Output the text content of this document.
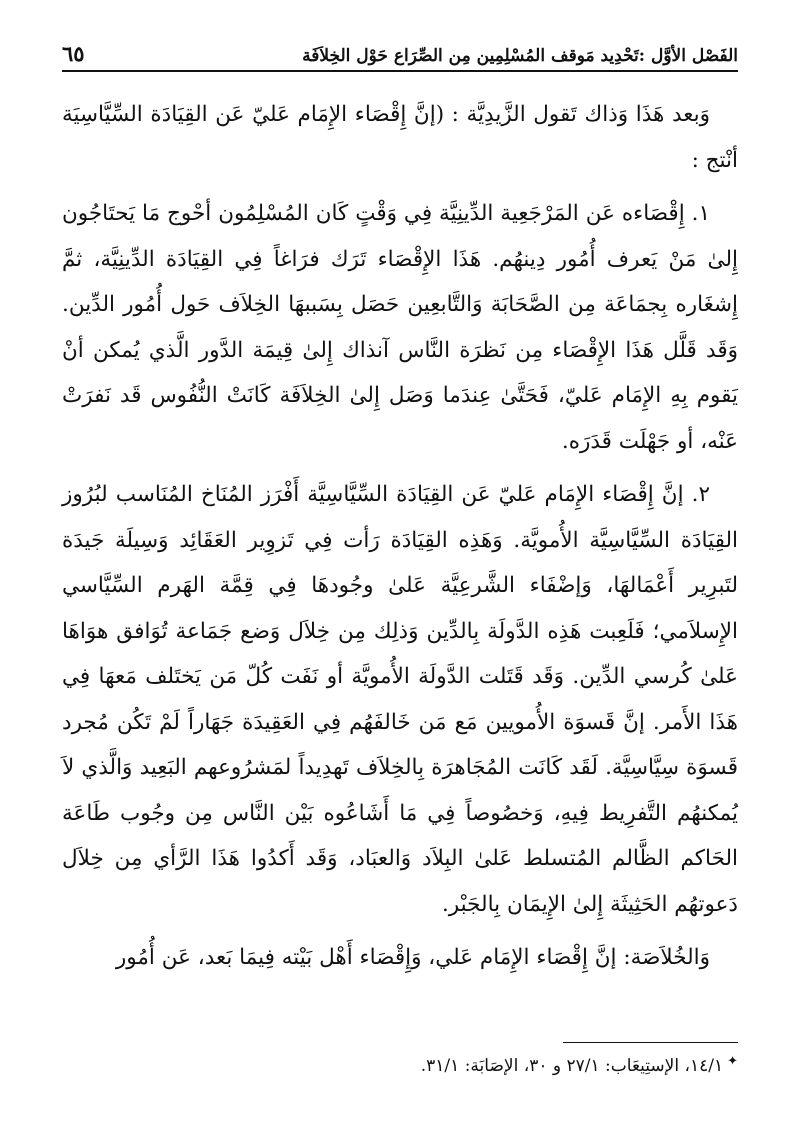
الفَصْل الأوَّل :تَحْدِيد مَوقف المُسْلِمِين مِن الصِّرَاع حَوْل الخِلاَفَة
٦٥

وَبعد هَذَا وَذاك تَقول الزَّيدِيَّة : (إنَّ إِقْصَاء الإِمَام عَليّ عَن القِيَادَة السِّيَّاسِيَة أنْتج :

١. إِقْصَاءه عَن المَرْجَعِية الدِّينِيَّة فِي وَقْتٍ كَان المُسْلِمُون أحْوج مَا يَحتَاجُون إِلىٰ مَنْ يَعرف أُمُور دِينهُم. هَذَا الإِقْصَاء تَرَك فرَاغاً فِي القِيَادَة الدِّينِيَّة، ثمَّ إِشغَاره بِجمَاعَة مِن الصَّحَابَة وَالتَّابعِين حَصَل بِسَببهَا الخِلاَف حَول أُمُور الدِّين. وَقَد قَلَّل هَذَا الإِقْصَاء مِن نَظرَة النَّاس آنذاك إِلىٰ قِيمَة الدَّور الَّذي يُمكن أنْ يَقوم بِهِ الإِمَام عَليّ، فَحَتَّىٰ عِندَما وَصَل إِلىٰ الخِلاَفَة كَانَتْ النُّفُوس قَد نَفرَتْ عَنْه، أو جَهْلَت قَدَرَه.

٢. إنَّ إِقْصَاء الإِمَام عَليّ عَن القِيَادَة السِّيَّاسِيَّة أَفْرَز المُنَاخ المُنَاسب لبُرُوز القِيَادَة السِّيَّاسِيَّة الأُمويَّة. وَهَذِه القِيَادَة رَأت فِي تَزوِير العَقَائِد وَسِيلَة جَيدَة لتَبرِير أَعْمَالهَا، وَإضْفَاء الشَّرعِيَّة عَلىٰ وجُودهَا فِي قِمَّة الهَرم السِّيَّاسي الإِسلاَمي؛ فَلَعِبت هَذِه الدَّولَة بِالدِّين وَذلِك مِن خِلاَل وَضع جَمَاعة تُوَافق هوَاهَا عَلىٰ كُرسي الدِّين. وَقَد قَتَلت الدَّولَة الأُمويَّة أو نَفَت كُلّ مَن يَختَلف مَعهَا فِي هَذَا الأَمر. إنَّ قَسوَة الأُمويين مَع مَن خَالفَهُم فِي العَقِيدَة جَهَاراً لَمْ تَكُن مُجرد قَسوَة سِيَّاسِيَّة. لَقَد كَانَت المُجَاهرَة بِالخِلاَف تَهدِيداً لمَشرُوعهم البَعِيد وَالَّذي لاَ يُمكنهُم التَّفرِيط فِيهِ، وَخصُوصاً فِي مَا أَشَاعُوه بَيْن النَّاس مِن وجُوب طَاعَة الحَاكم الظَّالم المُتسلط عَلىٰ البِلاَد وَالعبَاد، وَقَد أَكدُوا هَذَا الرَّأي مِن خِلاَل دَعوتهُم الحَثِيثَة إِلىٰ الإِيمَان بِالجَبْر.

وَالخُلاَصَة: إنَّ إِقْصَاء الإِمَام عَلي، وَإِقْصَاء أَهْل بَيْته فِيمَا بَعد، عَن أُمُور

✦
١٤/١، الإستِيعَاب: ٢٧/١ و ٣٠، الإصَابَة: ٣١/١.
